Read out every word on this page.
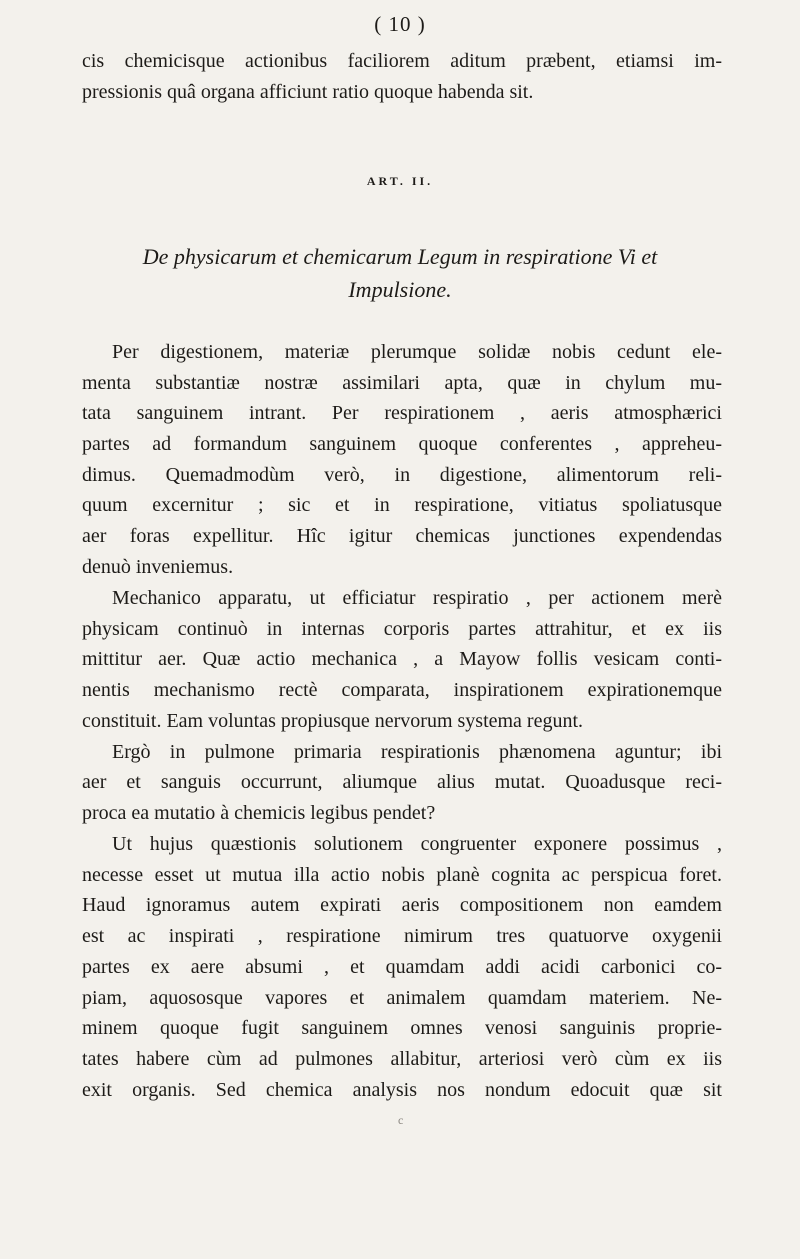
( 10 )
cis chemicisque actionibus faciliorem aditum præbent, etiamsi im-
pressionis quâ organa afficiunt ratio quoque habenda sit.
ART. II.
De physicarum et chemicarum Legum in respiratione Vi et
Impulsione.
Per digestionem, materiæ plerumque solidæ nobis cedunt ele-
menta substantiæ nostræ assimilari apta, quæ in chylum mu-
tata sanguinem intrant. Per respirationem , aeris atmosphærici
partes ad formandum sanguinem quoque conferentes , appreheu-
dimus. Quemadmodùm verò, in digestione, alimentorum reli-
quum excernitur ; sic et in respiratione, vitiatus spoliatusque
aer foras expellitur. Hîc igitur chemicas junctiones expendendas
denuò inveniemus.
Mechanico apparatu, ut efficiatur respiratio , per actionem merè
physicam continuò in internas corporis partes attrahitur, et ex iis
mittitur aer. Quæ actio mechanica , a Mayow follis vesicam conti-
nentis mechanismo rectè comparata, inspirationem expirationemque
constituit. Eam voluntas propiusque nervorum systema regunt.
Ergò in pulmone primaria respirationis phænomena aguntur; ibi
aer et sanguis occurrunt, aliumque alius mutat. Quoadusque reci-
proca ea mutatio à chemicis legibus pendet?
Ut hujus quæstionis solutionem congruenter exponere possimus ,
necesse esset ut mutua illa actio nobis planè cognita ac perspicua foret.
Haud ignoramus autem expirati aeris compositionem non eamdem
est ac inspirati , respiratione nimirum tres quatuorve oxygenii
partes ex aere absumi , et quamdam addi acidi carbonici co-
piam, aquososque vapores et animalem quamdam materiem. Ne-
minem quoque fugit sanguinem omnes venosi sanguinis proprie-
tates habere cùm ad pulmones allabitur, arteriosi verò cùm ex iis
exit organis. Sed chemica analysis nos nondum edocuit quæ sit
c
